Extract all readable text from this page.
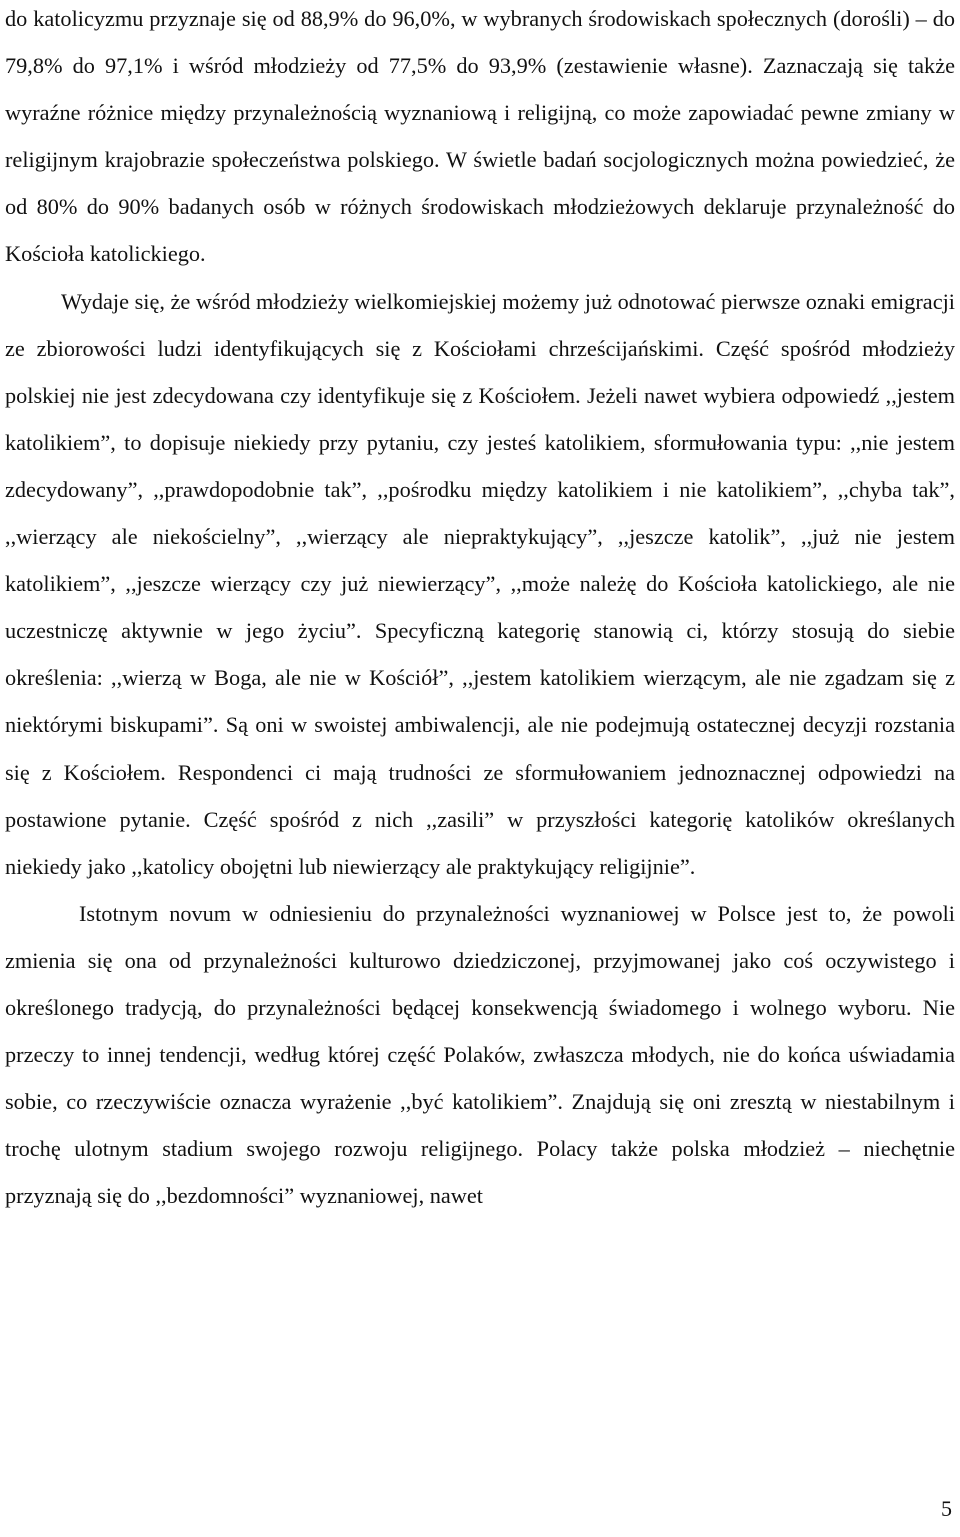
do katolicyzmu przyznaje się od 88,9% do 96,0%, w wybranych środowiskach społecznych (dorośli) – do 79,8% do 97,1% i wśród młodzieży od 77,5% do 93,9% (zestawienie własne). Zaznaczają się także wyraźne różnice między przynależnością wyznaniową i religijną, co może zapowiadać pewne zmiany w religijnym krajobrazie społeczeństwa polskiego. W świetle badań socjologicznych można powiedzieć, że od 80% do 90% badanych osób w różnych środowiskach młodzieżowych deklaruje przynależność do Kościoła katolickiego.

Wydaje się, że wśród młodzieży wielkomiejskiej możemy już odnotować pierwsze oznaki emigracji ze zbiorowości ludzi identyfikujących się z Kościołami chrześcijańskimi. Część spośród młodzieży polskiej nie jest zdecydowana czy identyfikuje się z Kościołem. Jeżeli nawet wybiera odpowiedź ,,jestem katolikiem”, to dopisuje niekiedy przy pytaniu, czy jesteś katolikiem, sformułowania typu: ,,nie jestem zdecydowany”, ,,prawdopodobnie tak”, ,,pośrodku między katolikiem i nie katolikiem”, ,,chyba tak”, ,,wierzący ale niekościelny”, ,,wierzący ale niepraktykujący”, ,,jeszcze katolik”, ,,już nie jestem katolikiem”, ,,jeszcze wierzący czy już niewierzący”, ,,może należę do Kościoła katolickiego, ale nie uczestniczę aktywnie w jego życiu”. Specyficzną kategorię stanowią ci, którzy stosują do siebie określenia: ,,wierzą w Boga, ale nie w Kościół”, ,,jestem katolikiem wierzącym, ale nie zgadzam się z niektórymi biskupami”. Są oni w swoistej ambiwalencji, ale nie podejmują ostatecznej decyzji rozstania się z Kościołem. Respondenci ci mają trudności ze sformułowaniem jednoznacznej odpowiedzi na postawione pytanie. Część spośród z nich ,,zasili” w przyszłości kategorię katolików określanych niekiedy jako ,,katolicy obojętni lub niewierzący ale praktykujący religijnie”.

Istotnym novum w odniesieniu do przynależności wyznaniowej w Polsce jest to, że powoli zmienia się ona od przynależności kulturowo dziedziczonej, przyjmowanej jako coś oczywistego i określonego tradycją, do przynależności będącej konsekwencją świadomego i wolnego wyboru. Nie przeczy to innej tendencji, według której część Polaków, zwłaszcza młodych, nie do końca uświadamia sobie, co rzeczywiście oznacza wyrażenie ,,być katolikiem”. Znajdują się oni zresztą w niestabilnym i trochę ulotnym stadium swojego rozwoju religijnego. Polacy także polska młodzież – niechętnie przyznają się do ,,bezdomności” wyznaniowej, nawet

5
